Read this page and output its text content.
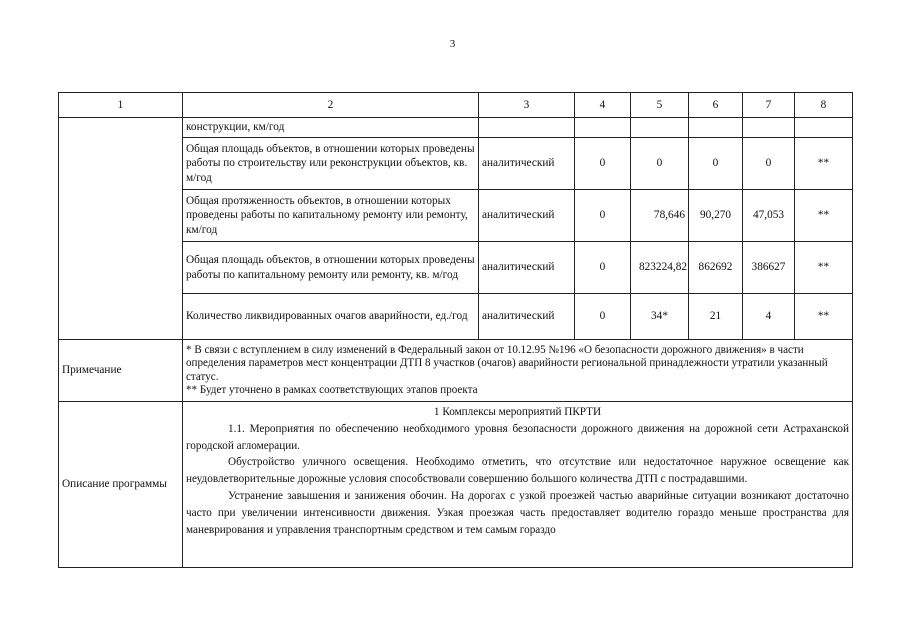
3
1	2	3	4	5	6	7	8
	конструкции, км/год						
	Общая площадь объектов, в отношении которых проведены работы по строительству или реконструкции объектов, кв. м/год	аналитический	0	0	0	0	**
	Общая протяженность объектов, в отношении которых проведены работы по капитальному ремонту или ремонту, км/год	аналитический	0	78,646	90,270	47,053	**
	Общая площадь объектов, в отношении которых проведены работы по капитальному ремонту или ремонту, кв. м/год	аналитический	0	823224,82	862692	386627	**
	Количество ликвидированных очагов аварийности, ед./год	аналитический	0	34*	21	4	**
Примечание	* В связи с вступлением в силу изменений в Федеральный закон от 10.12.95 №196 «О безопасности дорожного движения» в части определения параметров мест концентрации ДТП 8 участков (очагов) аварийности региональной принадлежности утратили указанный статус.

** Будет уточнено в рамках соответствующих этапов проекта						

Описание программы	1 Комплексы мероприятий ПКРТИ

1.1. Мероприятия по обеспечению необходимого уровня безопасности дорожного движения на дорожной сети Астраханской городской агломерации.

Обустройство уличного освещения. Необходимо отметить, что отсутствие или недостаточное наружное освещение как неудовлетворительные дорожные условия способствовали совершению большого количества ДТП с пострадавшими.

Устранение завышения и занижения обочин. На дорогах с узкой проезжей частью аварийные ситуации возникают достаточно часто при увеличении интенсивности движения. Узкая проезжая часть предоставляет водителю гораздо меньше пространства для маневрирования и управления транспортным средством и тем самым гораздо						
